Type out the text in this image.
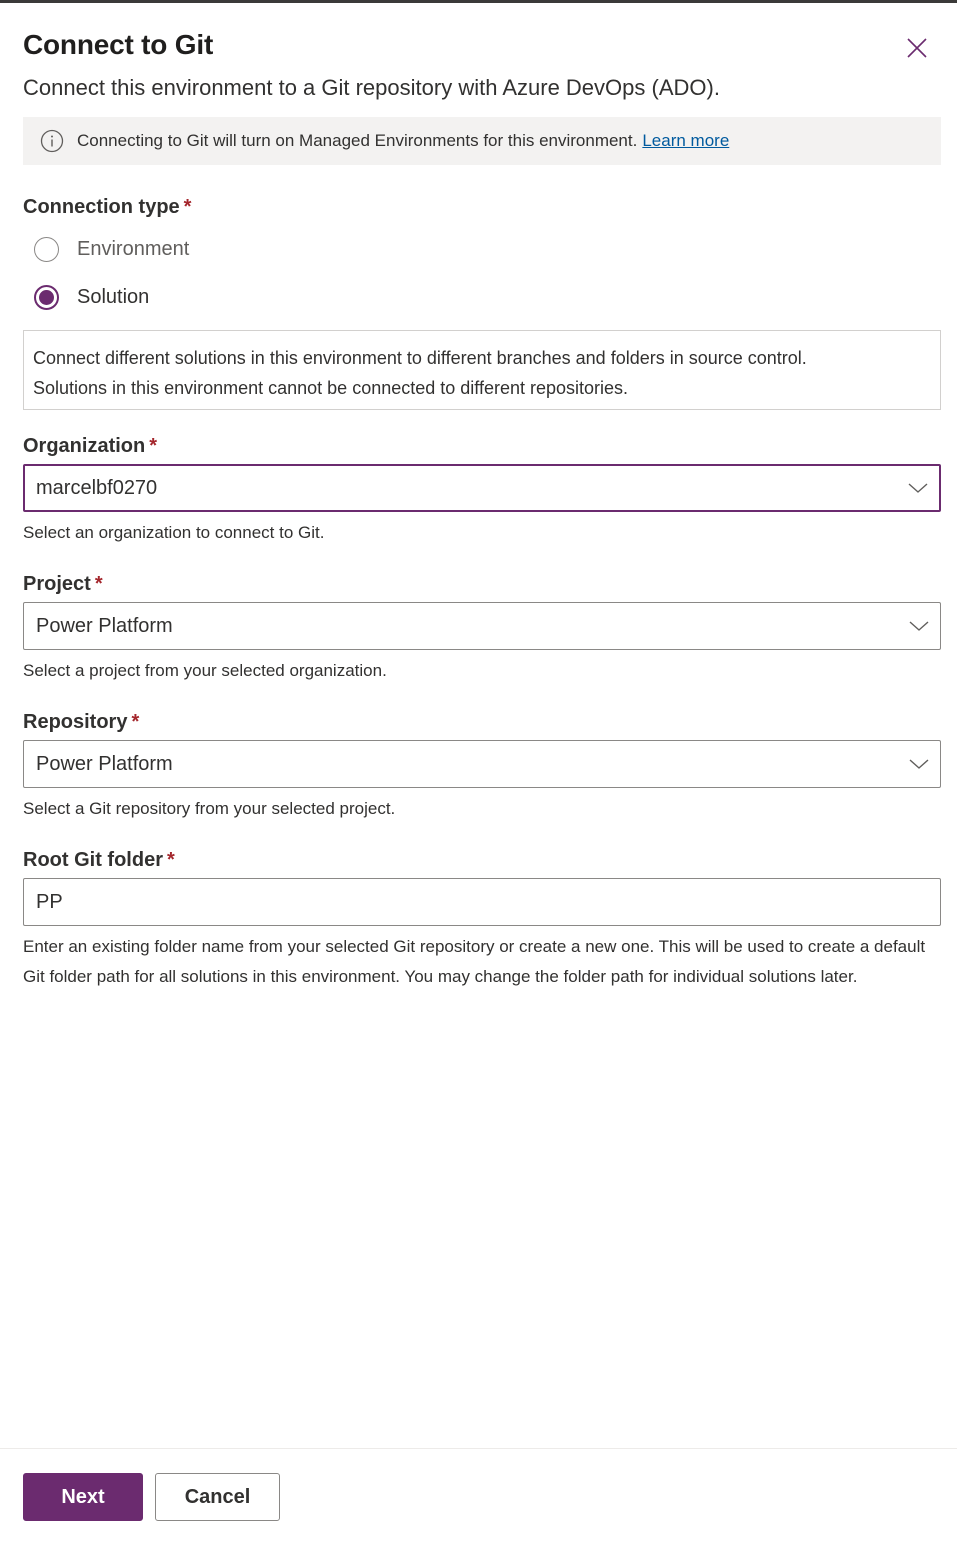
Connect to Git
Connect this environment to a Git repository with Azure DevOps (ADO).
Connecting to Git will turn on Managed Environments for this environment. Learn more
Connection type *
Environment
Solution
Connect different solutions in this environment to different branches and folders in source control.
Solutions in this environment cannot be connected to different repositories.
Organization *
marcelbf0270
Select an organization to connect to Git.
Project *
Power Platform
Select a project from your selected organization.
Repository *
Power Platform
Select a Git repository from your selected project.
Root Git folder *
PP
Enter an existing folder name from your selected Git repository or create a new one. This will be used to create a default Git folder path for all solutions in this environment. You may change the folder path for individual solutions later.
Next	Cancel
